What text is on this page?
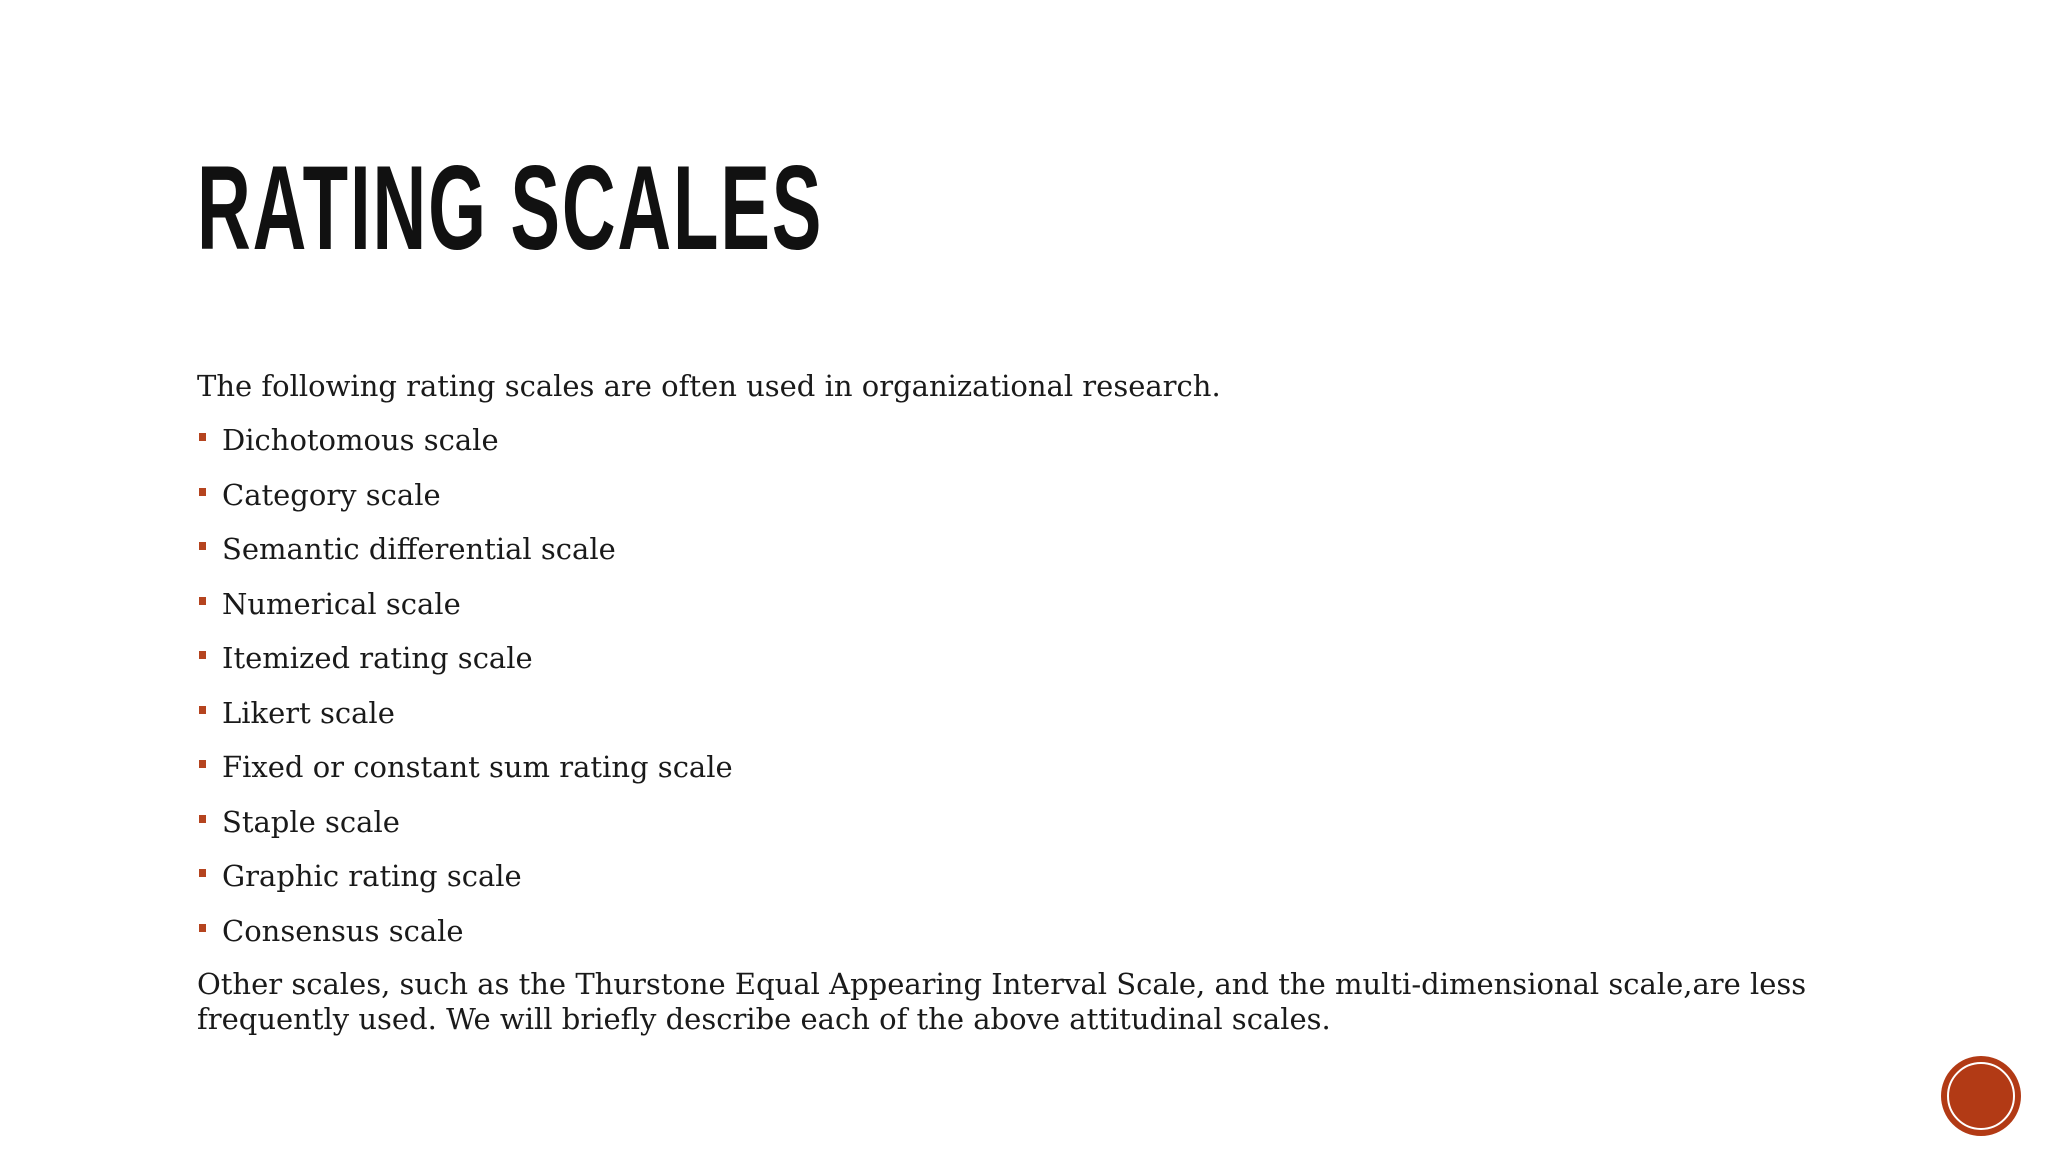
RATING SCALES

The following rating scales are often used in organizational research.

Dichotomous scale
Category scale
Semantic differential scale
Numerical scale
Itemized rating scale
Likert scale
Fixed or constant sum rating scale
Staple scale
Graphic rating scale
Consensus scale

Other scales, such as the Thurstone Equal Appearing Interval Scale, and the multi-dimensional scale,are less frequently used. We will briefly describe each of the above attitudinal scales.
